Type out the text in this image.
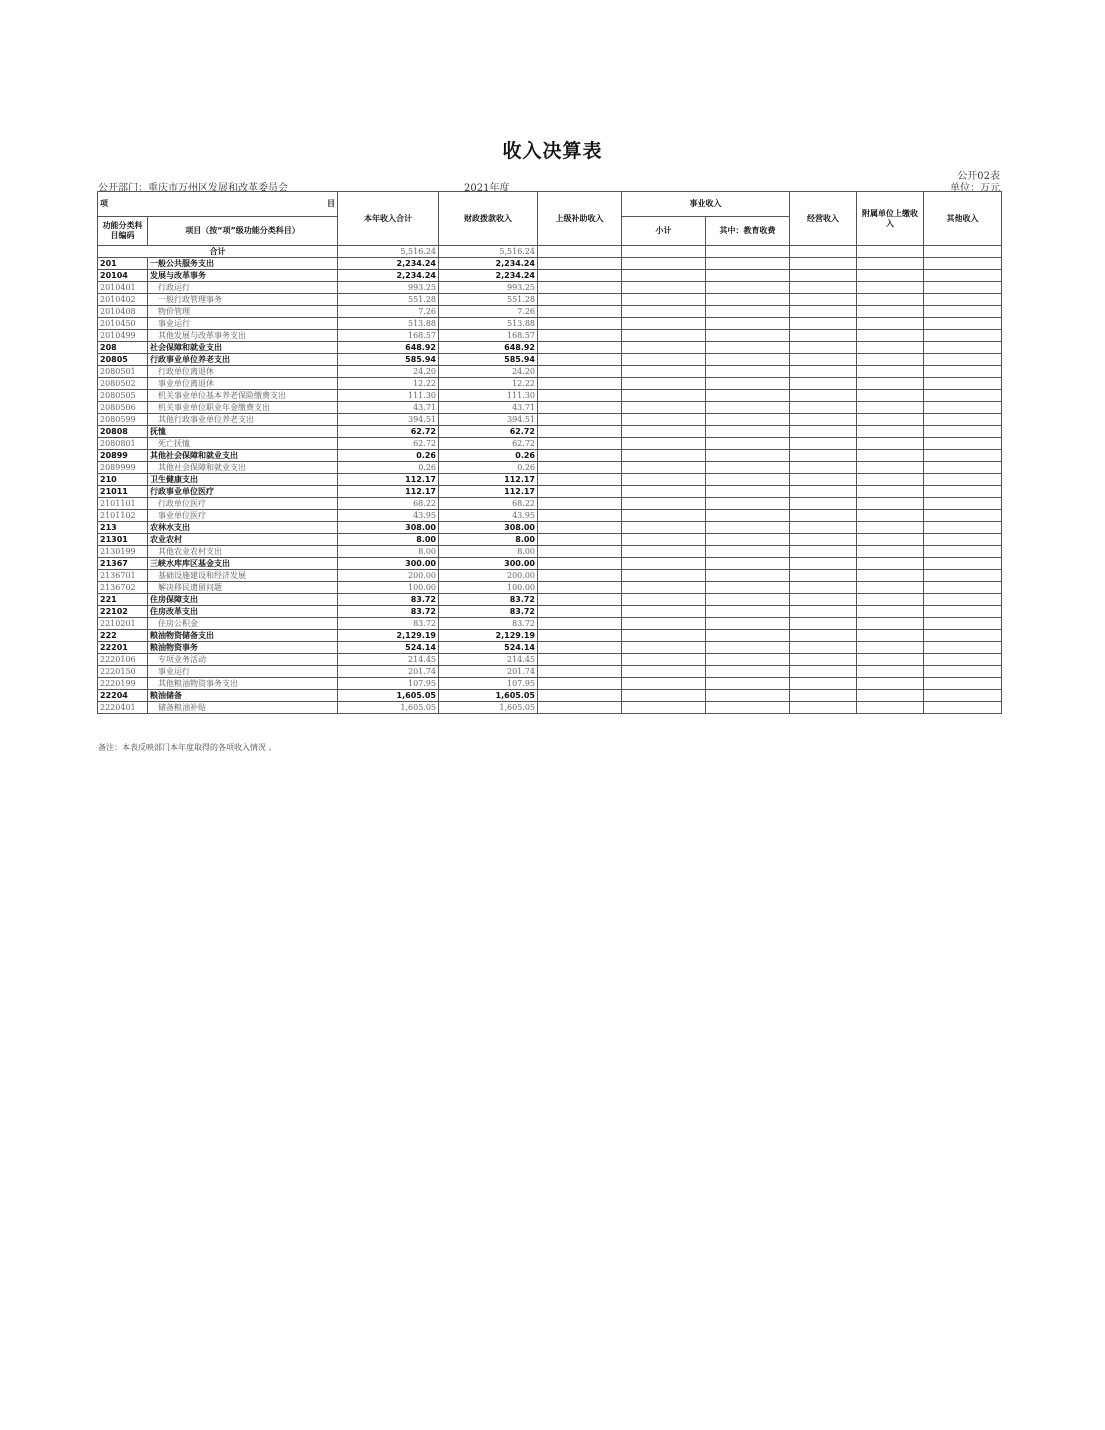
收入决算表
公开02表
公开部门：重庆市万州区发展和改革委员会	2021年度	单位：万元
项 目		本年收入合计	财政拨款收入	上级补助收入	事业收入		经营收入	附属单位上缴收入	其他收入
功能分类科目编码	项目（按“项”级功能分类科目）				小计	其中：教育收费			

合计		5,516.24	5,516.24						
201	一般公共服务支出	2,234.24	2,234.24						
20104	发展与改革事务	2,234.24	2,234.24						
2010401	行政运行	993.25	993.25						
2010402	一般行政管理事务	551.28	551.28						
2010408	物价管理	7.26	7.26						
2010450	事业运行	513.88	513.88						
2010499	其他发展与改革事务支出	168.57	168.57						
208	社会保障和就业支出	648.92	648.92						
20805	行政事业单位养老支出	585.94	585.94						
2080501	行政单位离退休	24.20	24.20						
2080502	事业单位离退休	12.22	12.22						
2080505	机关事业单位基本养老保险缴费支出	111.30	111.30						
2080506	机关事业单位职业年金缴费支出	43.71	43.71						
2080599	其他行政事业单位养老支出	394.51	394.51						
20808	抚恤	62.72	62.72						
2080801	死亡抚恤	62.72	62.72						
20899	其他社会保障和就业支出	0.26	0.26						
2089999	其他社会保障和就业支出	0.26	0.26						
210	卫生健康支出	112.17	112.17						
21011	行政事业单位医疗	112.17	112.17						
2101101	行政单位医疗	68.22	68.22						
2101102	事业单位医疗	43.95	43.95						
213	农林水支出	308.00	308.00						
21301	农业农村	8.00	8.00						
2130199	其他农业农村支出	8.00	8.00						
21367	三峡水库库区基金支出	300.00	300.00						
2136701	基础设施建设和经济发展	200.00	200.00						
2136702	解决移民遗留问题	100.00	100.00						
221	住房保障支出	83.72	83.72						
22102	住房改革支出	83.72	83.72						
2210201	住房公积金	83.72	83.72						
222	粮油物资储备支出	2,129.19	2,129.19						
22201	粮油物资事务	524.14	524.14						
2220106	专项业务活动	214.45	214.45						
2220150	事业运行	201.74	201.74						
2220199	其他粮油物资事务支出	107.95	107.95						
22204	粮油储备	1,605.05	1,605.05						
2220401	储备粮油补贴	1,605.05	1,605.05						
备注：本表反映部门本年度取得的各项收入情况 。
